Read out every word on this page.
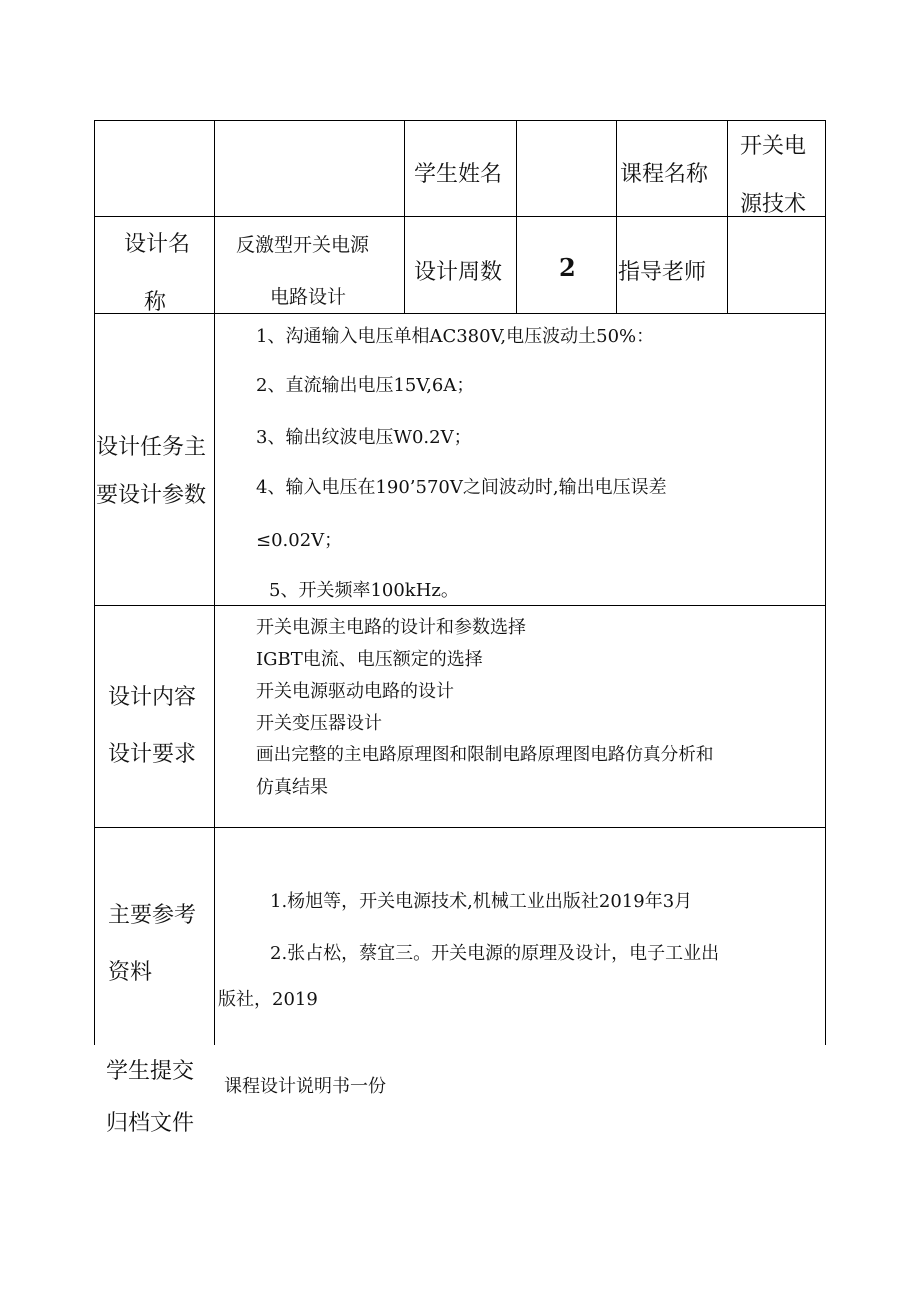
学生姓名	课程名称
开关电
源技术
设计名
称
反激型开关电源
电路设计
设计周数 2 指导老师
设计任务主
要设计参数
1、沟通输入电压单相AC380V,电压波动土50%：
2、直流输出电压15V,6A；
3、输出纹波电压W0.2V；
4、输入电压在190’570V之间波动时,输出电压误差
≤0.02V；
5、开关频率100kHz。
设计内容
设计要求
开关电源主电路的设计和参数选择
IGBT电流、电压额定的选择
开关电源驱动电路的设计
开关变压器设计
画出完整的主电路原理图和限制电路原理图电路仿真分析和
仿真结果
主要参考
资料
1.杨旭等，开关电源技术,机械工业出版社2019年3月
2.张占松，蔡宜三。开关电源的原理及设计，电子工业出
版社，2019
学生提交
归档文件
课程设计说明书一份
